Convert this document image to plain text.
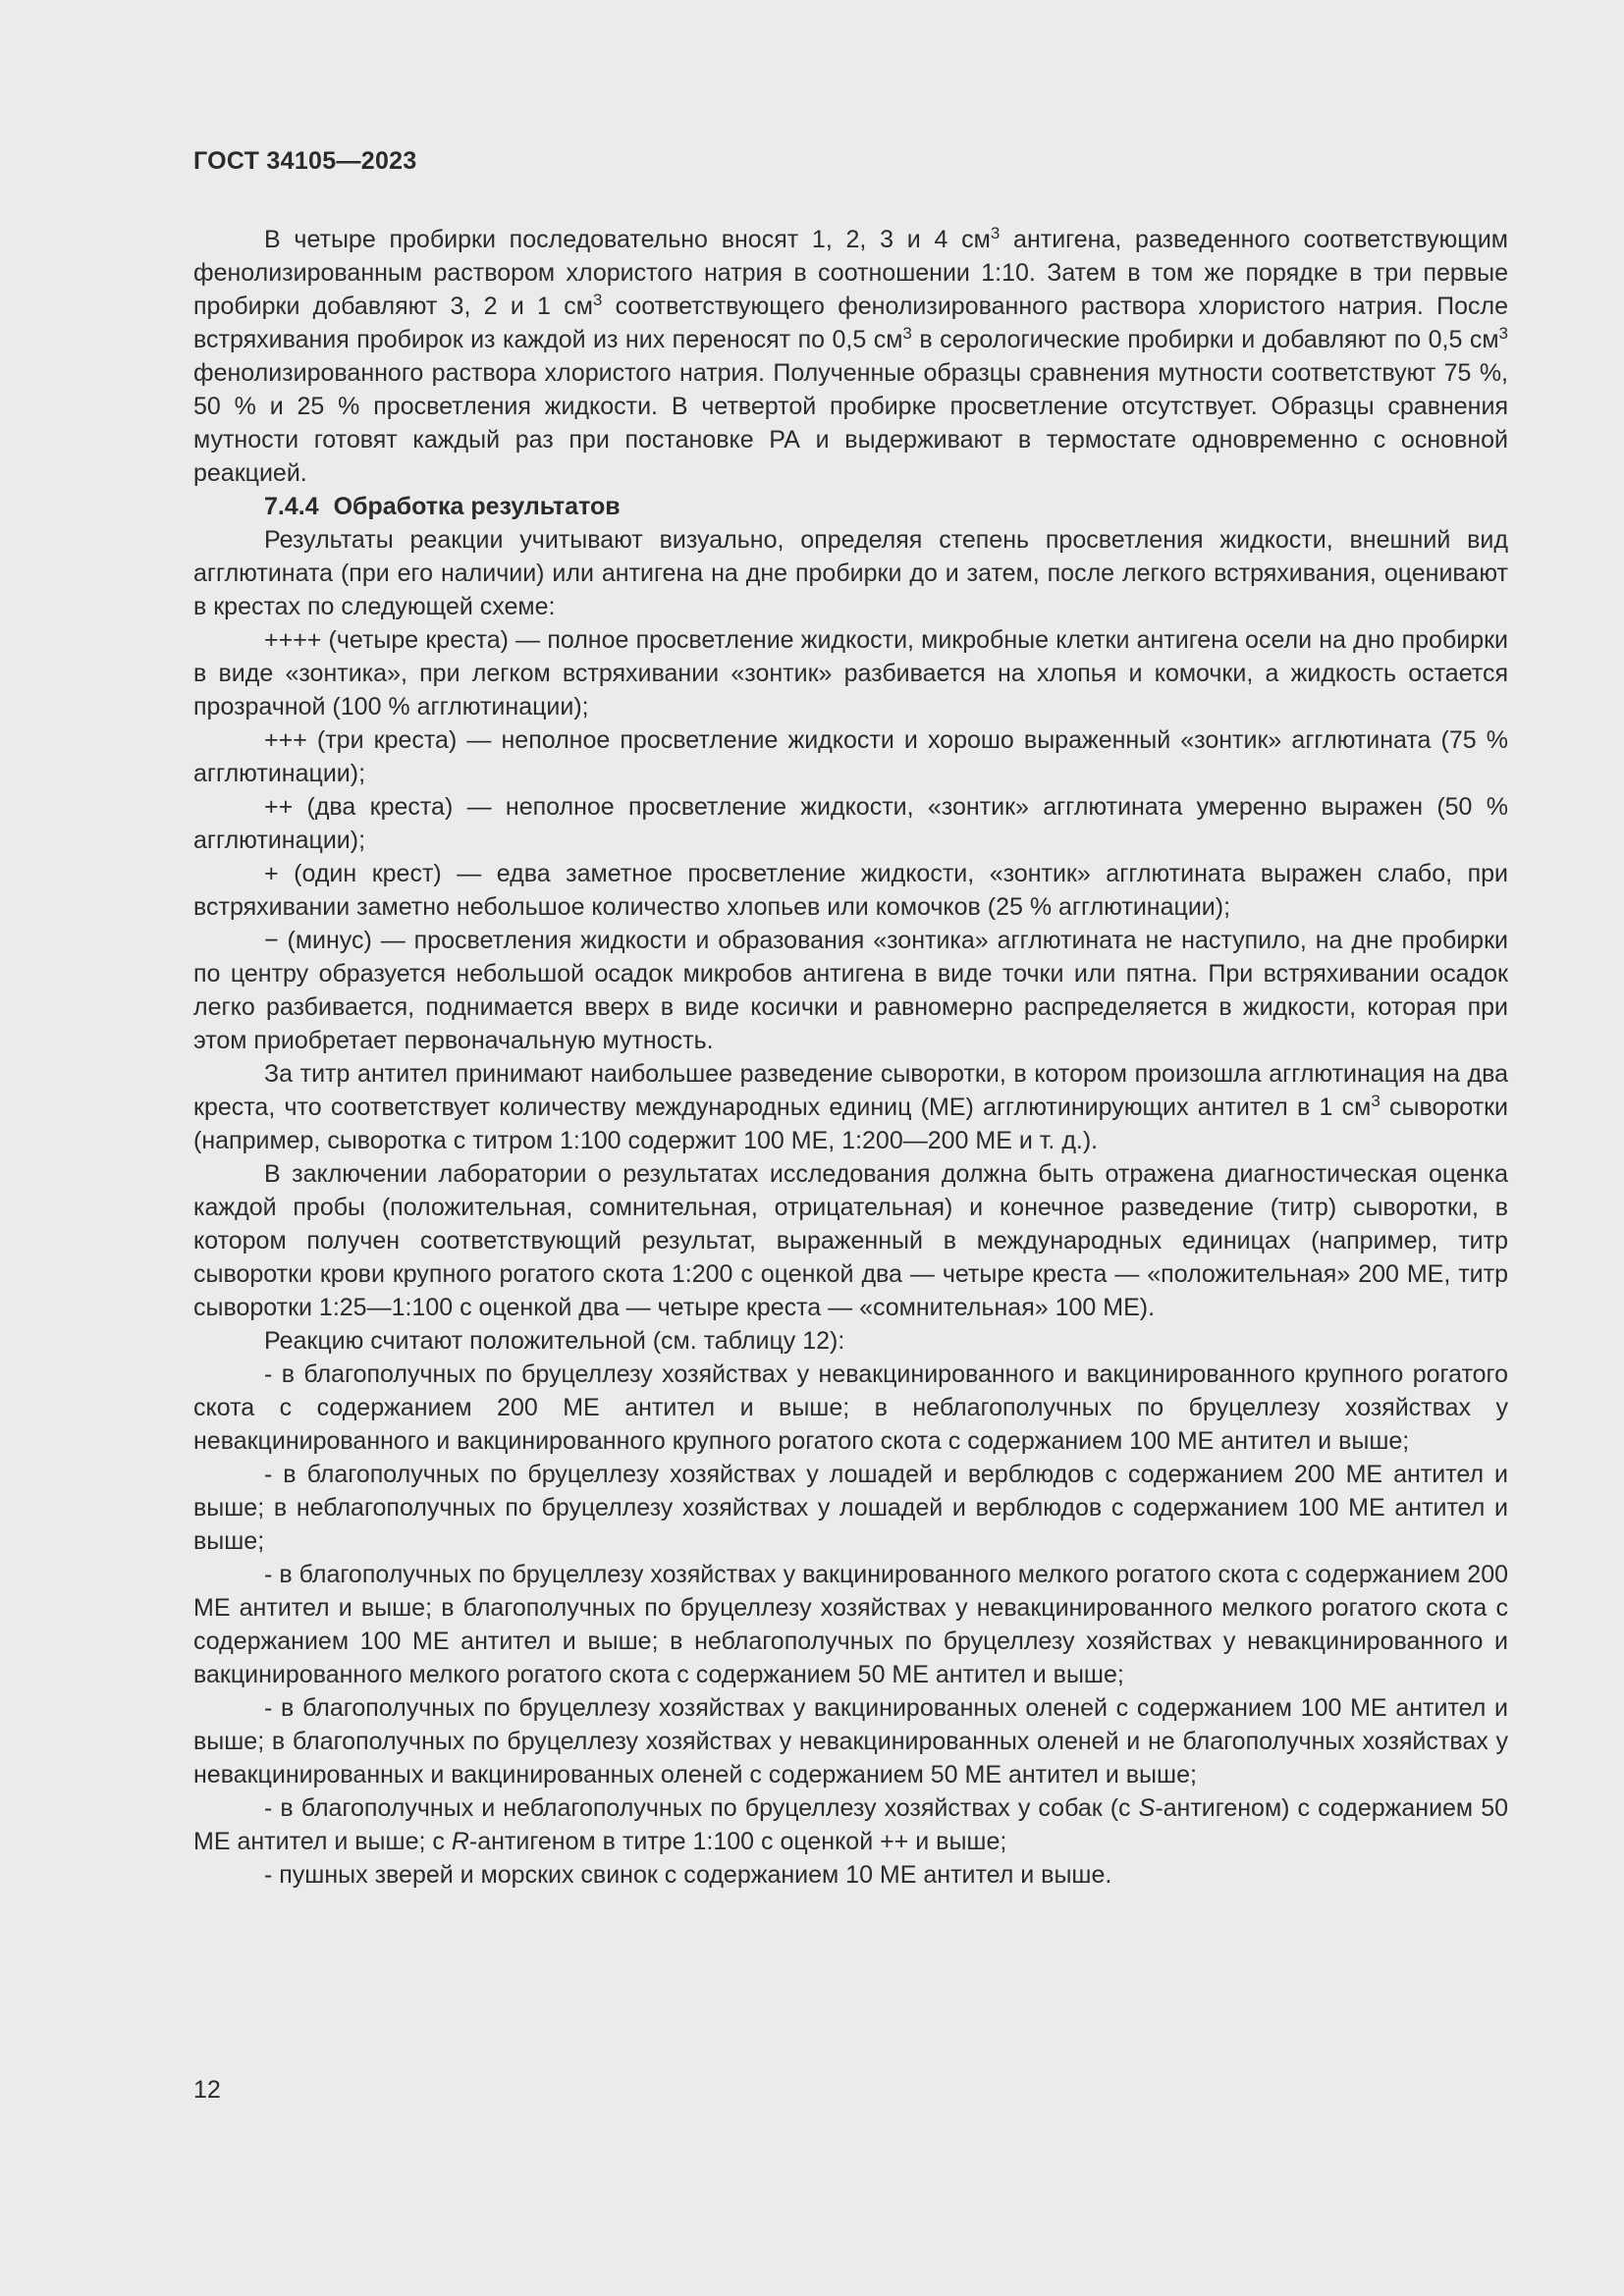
ГОСТ 34105—2023

В четыре пробирки последовательно вносят 1, 2, 3 и 4 $см^3$ антигена, разведенного соответствующим фенолизированным раствором хлористого натрия в соотношении 1:10. Затем в том же порядке в три первые пробирки добавляют 3, 2 и 1 $см^3$ соответствующего фенолизированного раствора хлористого натрия. После встряхивания пробирок из каждой из них переносят по 0,5 $см^3$ в серологические пробирки и добавляют по 0,5 $см^3$ фенолизированного раствора хлористого натрия. Полученные образцы сравнения мутности соответствуют 75 %, 50 % и 25 % просветления жидкости. В четвертой пробирке просветление отсутствует. Образцы сравнения мутности готовят каждый раз при постановке РА и выдерживают в термостате одновременно с основной реакцией.

7.4.4 Обработка результатов

Результаты реакции учитывают визуально, определяя степень просветления жидкости, внешний вид агглютината (при его наличии) или антигена на дне пробирки до и затем, после легкого встряхивания, оценивают в крестах по следующей схеме:

++++ (четыре креста) — полное просветление жидкости, микробные клетки антигена осели на дно пробирки в виде «зонтика», при легком встряхивании «зонтик» разбивается на хлопья и комочки, а жидкость остается прозрачной (100 % агглютинации);

+++ (три креста) — неполное просветление жидкости и хорошо выраженный «зонтик» агглютината (75 % агглютинации);

++ (два креста) — неполное просветление жидкости, «зонтик» агглютината умеренно выражен (50 % агглютинации);

+ (один крест) — едва заметное просветление жидкости, «зонтик» агглютината выражен слабо, при встряхивании заметно небольшое количество хлопьев или комочков (25 % агглютинации);

− (минус) — просветления жидкости и образования «зонтика» агглютината не наступило, на дне пробирки по центру образуется небольшой осадок микробов антигена в виде точки или пятна. При встряхивании осадок легко разбивается, поднимается вверх в виде косички и равномерно распределяется в жидкости, которая при этом приобретает первоначальную мутность.

За титр антител принимают наибольшее разведение сыворотки, в котором произошла агглютинация на два креста, что соответствует количеству международных единиц (МЕ) агглютинирующих антител в 1 $см^3$ сыворотки (например, сыворотка с титром 1:100 содержит 100 МЕ, 1:200—200 МЕ и т. д.).

В заключении лаборатории о результатах исследования должна быть отражена диагностическая оценка каждой пробы (положительная, сомнительная, отрицательная) и конечное разведение (титр) сыворотки, в котором получен соответствующий результат, выраженный в международных единицах (например, титр сыворотки крови крупного рогатого скота 1:200 с оценкой два — четыре креста — «положительная» 200 МЕ, титр сыворотки 1:25—1:100 с оценкой два — четыре креста — «сомнительная» 100 МЕ).

Реакцию считают положительной (см. таблицу 12):

- в благополучных по бруцеллезу хозяйствах у невакцинированного и вакцинированного крупного рогатого скота с содержанием 200 МЕ антител и выше; в неблагополучных по бруцеллезу хозяйствах у невакцинированного и вакцинированного крупного рогатого скота с содержанием 100 МЕ антител и выше;

- в благополучных по бруцеллезу хозяйствах у лошадей и верблюдов с содержанием 200 МЕ антител и выше; в неблагополучных по бруцеллезу хозяйствах у лошадей и верблюдов с содержанием 100 МЕ антител и выше;

- в благополучных по бруцеллезу хозяйствах у вакцинированного мелкого рогатого скота с содержанием 200 МЕ антител и выше; в благополучных по бруцеллезу хозяйствах у невакцинированного мелкого рогатого скота с содержанием 100 МЕ антител и выше; в неблагополучных по бруцеллезу хозяйствах у невакцинированного и вакцинированного мелкого рогатого скота с содержанием 50 МЕ антител и выше;

- в благополучных по бруцеллезу хозяйствах у вакцинированных оленей с содержанием 100 МЕ антител и выше; в благополучных по бруцеллезу хозяйствах у невакцинированных оленей и не благополучных хозяйствах у невакцинированных и вакцинированных оленей с содержанием 50 МЕ антител и выше;

- в благополучных и неблагополучных по бруцеллезу хозяйствах у собак (с S-антигеном) с содержанием 50 МЕ антител и выше; с R-антигеном в титре 1:100 с оценкой ++ и выше;

- пушных зверей и морских свинок с содержанием 10 МЕ антител и выше.

12
